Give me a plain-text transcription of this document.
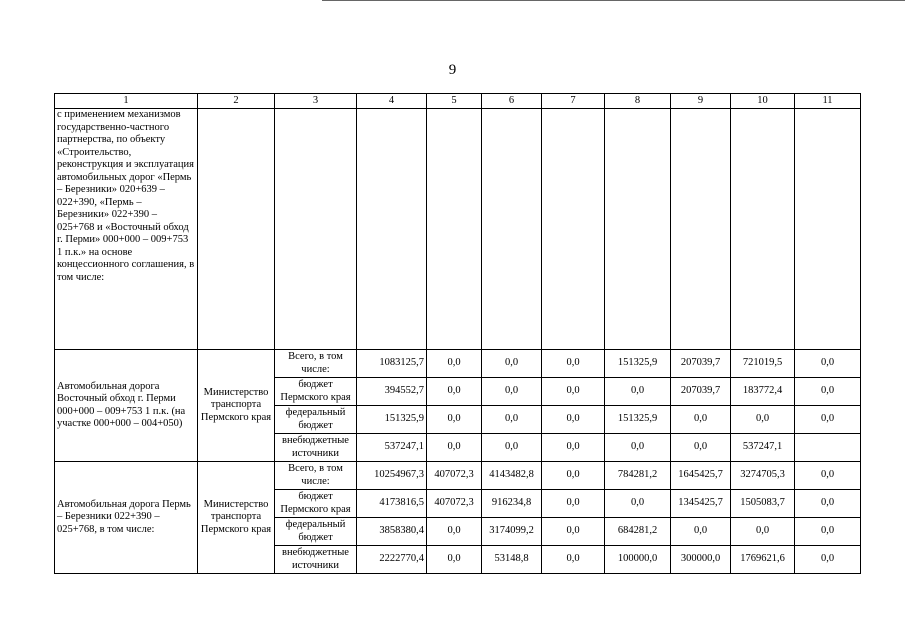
9
1	2	3	4	5	6	7	8	9	10	11
с применением механизмов государственно-частного партнерства, по объекту «Строительство, реконструкция и эксплуатация автомобильных дорог «Пермь – Березники» 020+639 – 022+390, «Пермь – Березники» 022+390 – 025+768 и «Восточный обход г. Перми» 000+000 – 009+753 1 п.к.» на основе концессионного соглашения, в том числе:										
Автомобильная дорога Восточный обход г. Перми 000+000 – 009+753 1 п.к. (на участке 000+000 – 004+050)	Министерство транспорта Пермского края	Всего, в том числе:	1083125,7	0,0	0,0	0,0	151325,9	207039,7	721019,5	0,0
		бюджет Пермского края	394552,7	0,0	0,0	0,0	0,0	207039,7	183772,4	0,0
		федеральный бюджет	151325,9	0,0	0,0	0,0	151325,9	0,0	0,0	0,0
		внебюджетные источники	537247,1	0,0	0,0	0,0	0,0	0,0	537247,1	
Автомобильная дорога Пермь – Березники 022+390 – 025+768, в том числе:	Министерство транспорта Пермского края	Всего, в том числе:	10254967,3	407072,3	4143482,8	0,0	784281,2	1645425,7	3274705,3	0,0
		бюджет Пермского края	4173816,5	407072,3	916234,8	0,0	0,0	1345425,7	1505083,7	0,0
		федеральный бюджет	3858380,4	0,0	3174099,2	0,0	684281,2	0,0	0,0	0,0
		внебюджетные источники	2222770,4	0,0	53148,8	0,0	100000,0	300000,0	1769621,6	0,0
